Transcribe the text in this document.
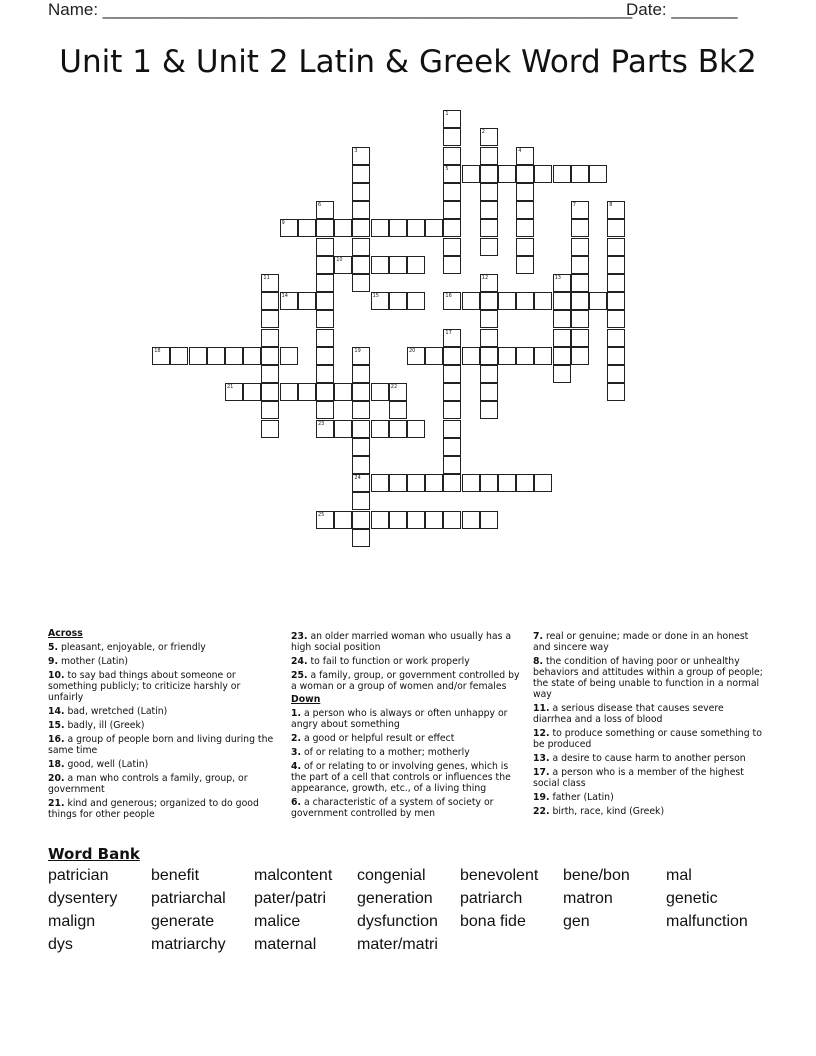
Name: ________________________________________________________
Date: _______
Unit 1 & Unit 2 Latin & Greek Word Parts Bk2
5
9
10
14	15	16
18	20
21	22
23
24
25
1
2
3	4
6	7	8
11	12	13
17
19
Across
5. pleasant, enjoyable, or friendly
9. mother (Latin)
10. to say bad things about someone or something publicly; to criticize harshly or unfairly
14. bad, wretched (Latin)
15. badly, ill (Greek)
16. a group of people born and living during the same time
18. good, well (Latin)
20. a man who controls a family, group, or government
21. kind and generous; organized to do good things for other people
23. an older married woman who usually has a high social position
24. to fail to function or work properly
25. a family, group, or government controlled by a woman or a group of women and/or females
Down
1. a person who is always or often unhappy or angry about something
2. a good or helpful result or effect
3. of or relating to a mother; motherly
4. of or relating to or involving genes, which is the part of a cell that controls or influences the appearance, growth, etc., of a living thing
6. a characteristic of a system of society or government controlled by men
7. real or genuine; made or done in an honest and sincere way
8. the condition of having poor or unhealthy behaviors and attitudes within a group of people; the state of being unable to function in a normal way
11. a serious disease that causes severe diarrhea and a loss of blood
12. to produce something or cause something to be produced
13. a desire to cause harm to another person
17. a person who is a member of the highest social class
19. father (Latin)
22. birth, race, kind (Greek)
Word Bank
patrician	benefit	malcontent	congenial	benevolent	bene/bon	mal
dysentery	patriarchal	pater/patri	generation	patriarch	matron	genetic
malign	generate	malice	dysfunction	bona fide	gen	malfunction
dys	matriarchy	maternal	mater/matri
